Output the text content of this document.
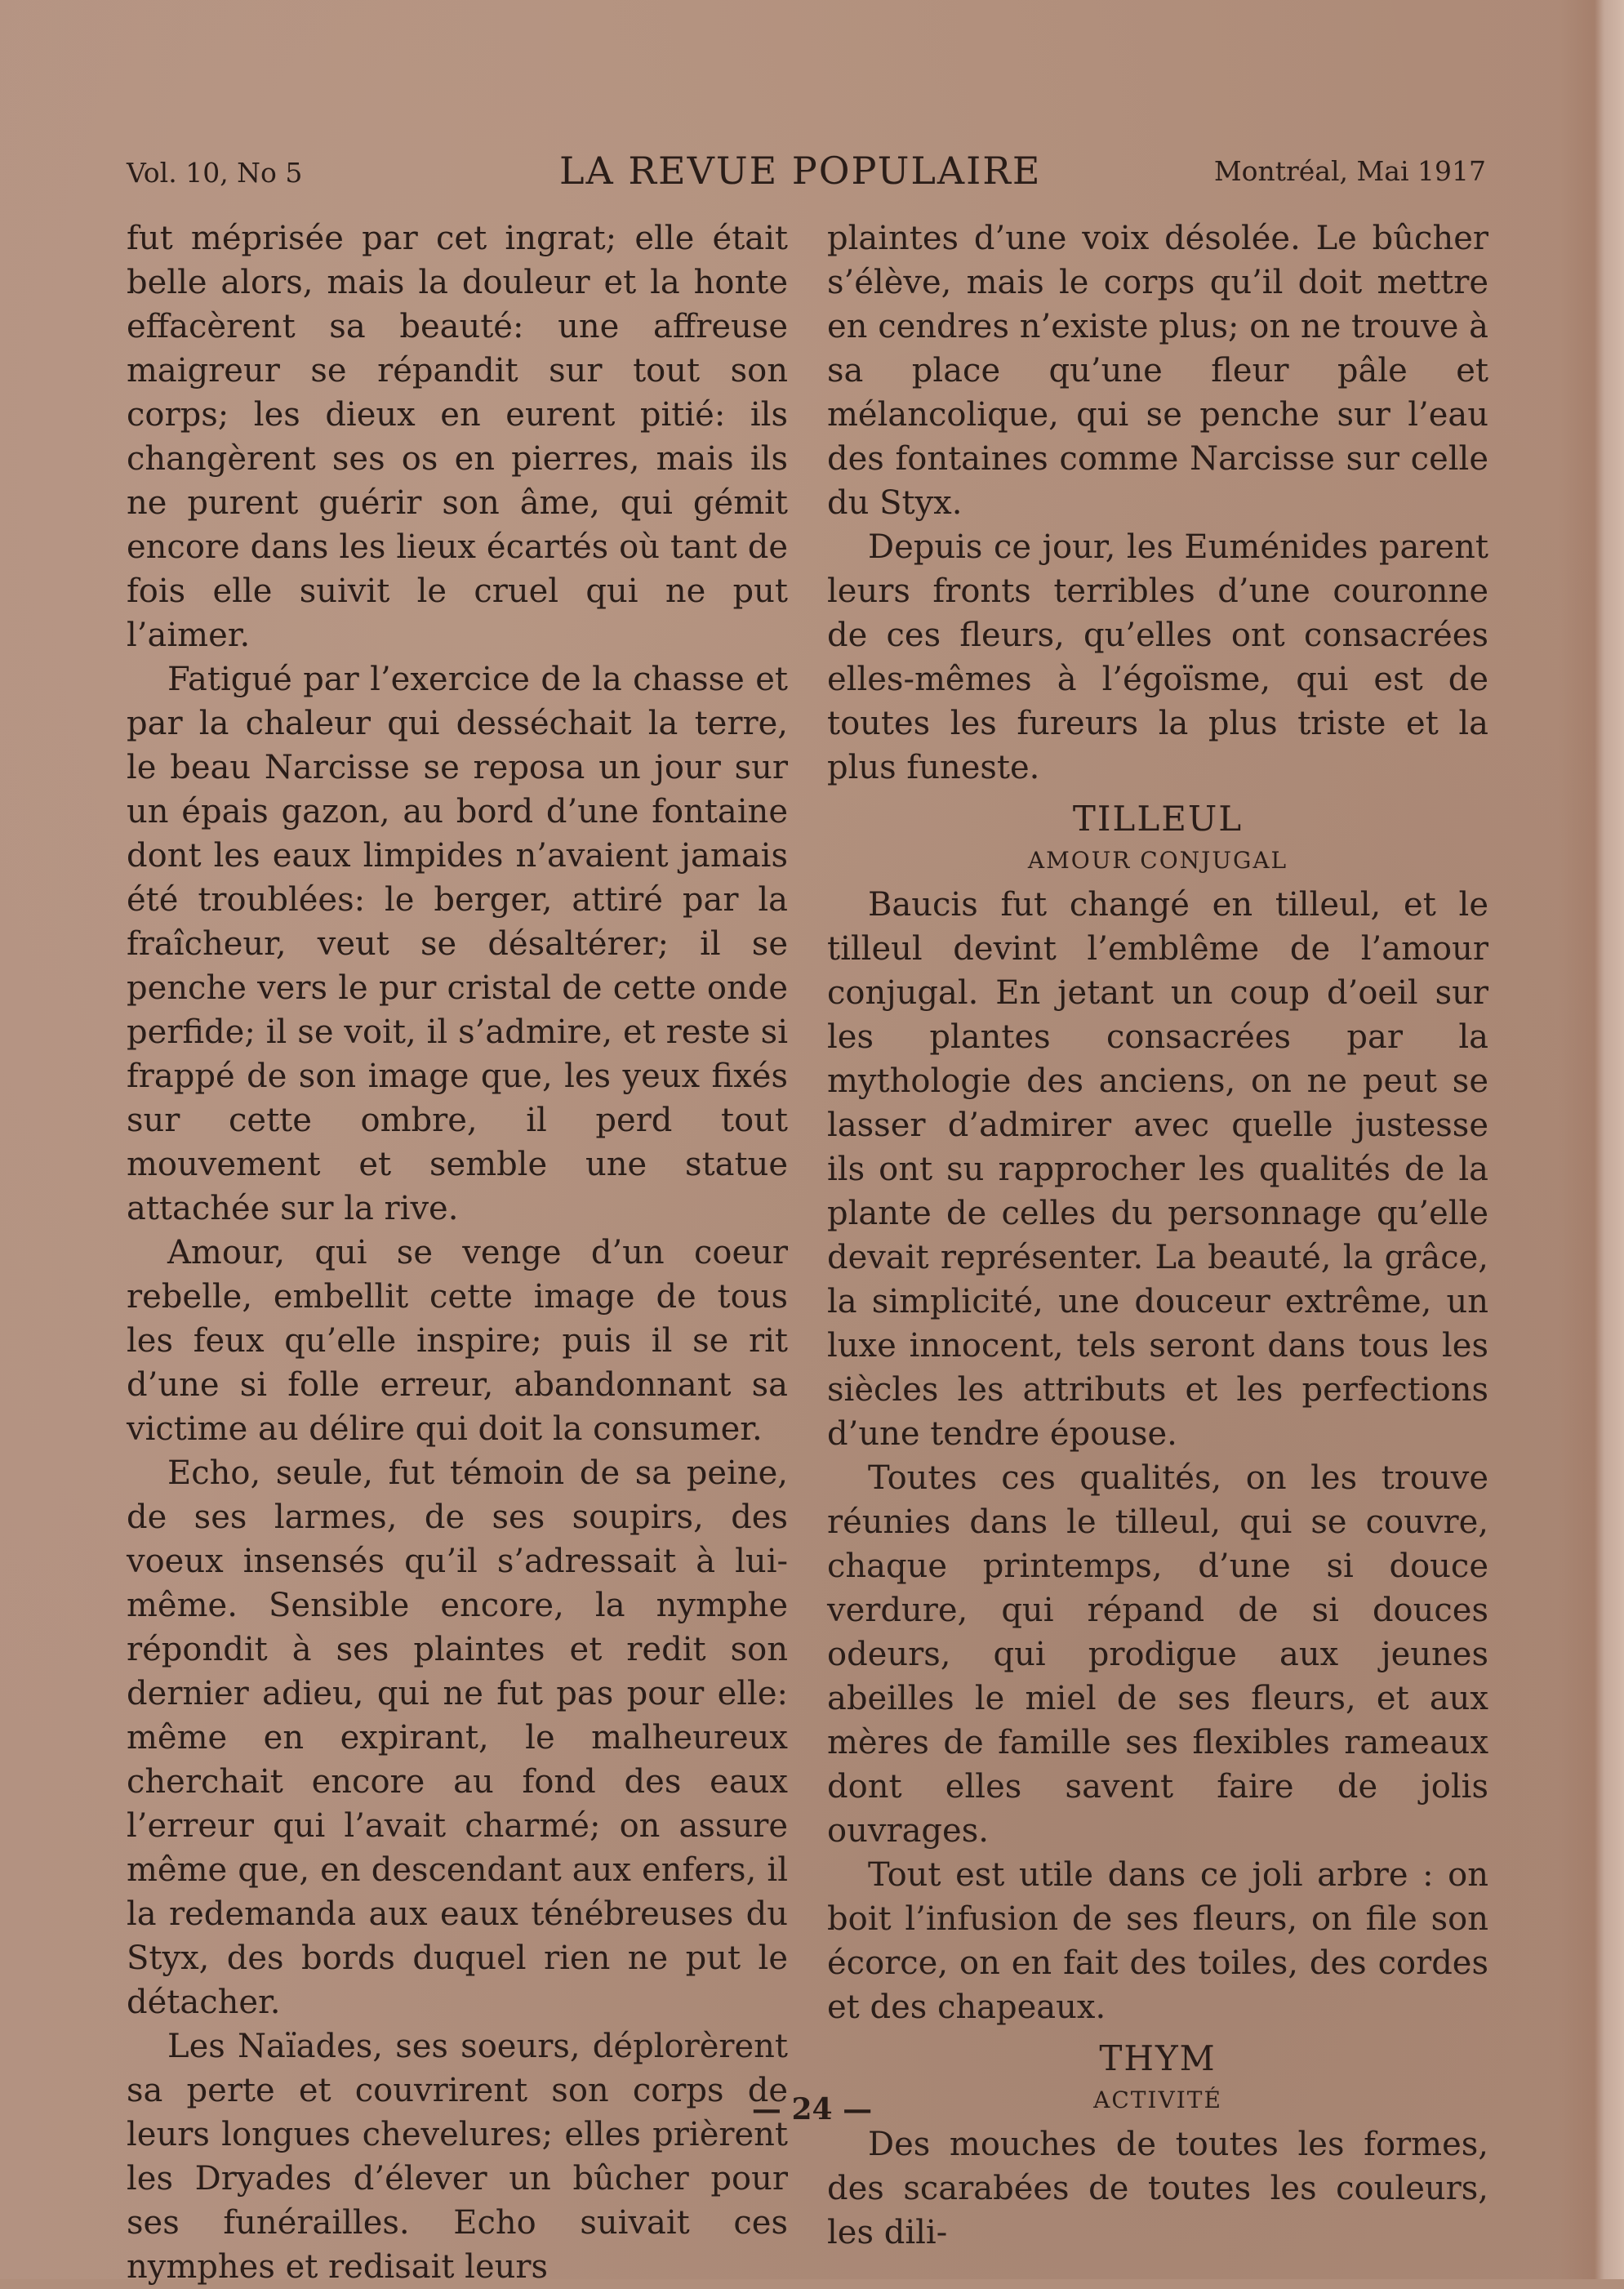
Vol. 10, No 5	LA REVUE POPULAIRE	Montréal, Mai 1917

fut méprisée par cet ingrat; elle était belle alors, mais la douleur et la honte effacèrent sa beauté: une affreuse maigreur se répandit sur tout son corps; les dieux en eurent pitié: ils changèrent ses os en pierres, mais ils ne purent guérir son âme, qui gémit encore dans les lieux écartés où tant de fois elle suivit le cruel qui ne put l’aimer.

Fatigué par l’exercice de la chasse et par la chaleur qui desséchait la terre, le beau Narcisse se reposa un jour sur un épais gazon, au bord d’une fontaine dont les eaux limpides n’avaient jamais été troublées: le berger, attiré par la fraîcheur, veut se désaltérer; il se penche vers le pur cristal de cette onde perfide; il se voit, il s’admire, et reste si frappé de son image que, les yeux fixés sur cette ombre, il perd tout mouvement et semble une statue attachée sur la rive.

Amour, qui se venge d’un coeur rebelle, embellit cette image de tous les feux qu’elle inspire; puis il se rit d’une si folle erreur, abandonnant sa victime au délire qui doit la consumer.

Echo, seule, fut témoin de sa peine, de ses larmes, de ses soupirs, des voeux insensés qu’il s’adressait à lui-même. Sensible encore, la nymphe répondit à ses plaintes et redit son dernier adieu, qui ne fut pas pour elle: même en expirant, le malheureux cherchait encore au fond des eaux l’erreur qui l’avait charmé; on assure même que, en descendant aux enfers, il la redemanda aux eaux ténébreuses du Styx, des bords duquel rien ne put le détacher.

Les Naïades, ses soeurs, déplorèrent sa perte et couvrirent son corps de leurs longues chevelures; elles prièrent les Dryades d’élever un bûcher pour ses funérailles. Echo suivait ces nymphes et redisait leurs

plaintes d’une voix désolée. Le bûcher s’élève, mais le corps qu’il doit mettre en cendres n’existe plus; on ne trouve à sa place qu’une fleur pâle et mélancolique, qui se penche sur l’eau des fontaines comme Narcisse sur celle du Styx.

Depuis ce jour, les Euménides parent leurs fronts terribles d’une couronne de ces fleurs, qu’elles ont consacrées elles-mêmes à l’égoïsme, qui est de toutes les fureurs la plus triste et la plus funeste.

TILLEUL
AMOUR CONJUGAL

Baucis fut changé en tilleul, et le tilleul devint l’emblême de l’amour conjugal. En jetant un coup d’oeil sur les plantes consacrées par la mythologie des anciens, on ne peut se lasser d’admirer avec quelle justesse ils ont su rapprocher les qualités de la plante de celles du personnage qu’elle devait représenter. La beauté, la grâce, la simplicité, une douceur extrême, un luxe innocent, tels seront dans tous les siècles les attributs et les perfections d’une tendre épouse.

Toutes ces qualités, on les trouve réunies dans le tilleul, qui se couvre, chaque printemps, d’une si douce verdure, qui répand de si douces odeurs, qui prodigue aux jeunes abeilles le miel de ses fleurs, et aux mères de famille ses flexibles rameaux dont elles savent faire de jolis ouvrages.

Tout est utile dans ce joli arbre : on boit l’infusion de ses fleurs, on file son écorce, on en fait des toiles, des cordes et des chapeaux.

THYM
ACTIVITÉ

Des mouches de toutes les formes, des scarabées de toutes les couleurs, les dili-

— 24 —
